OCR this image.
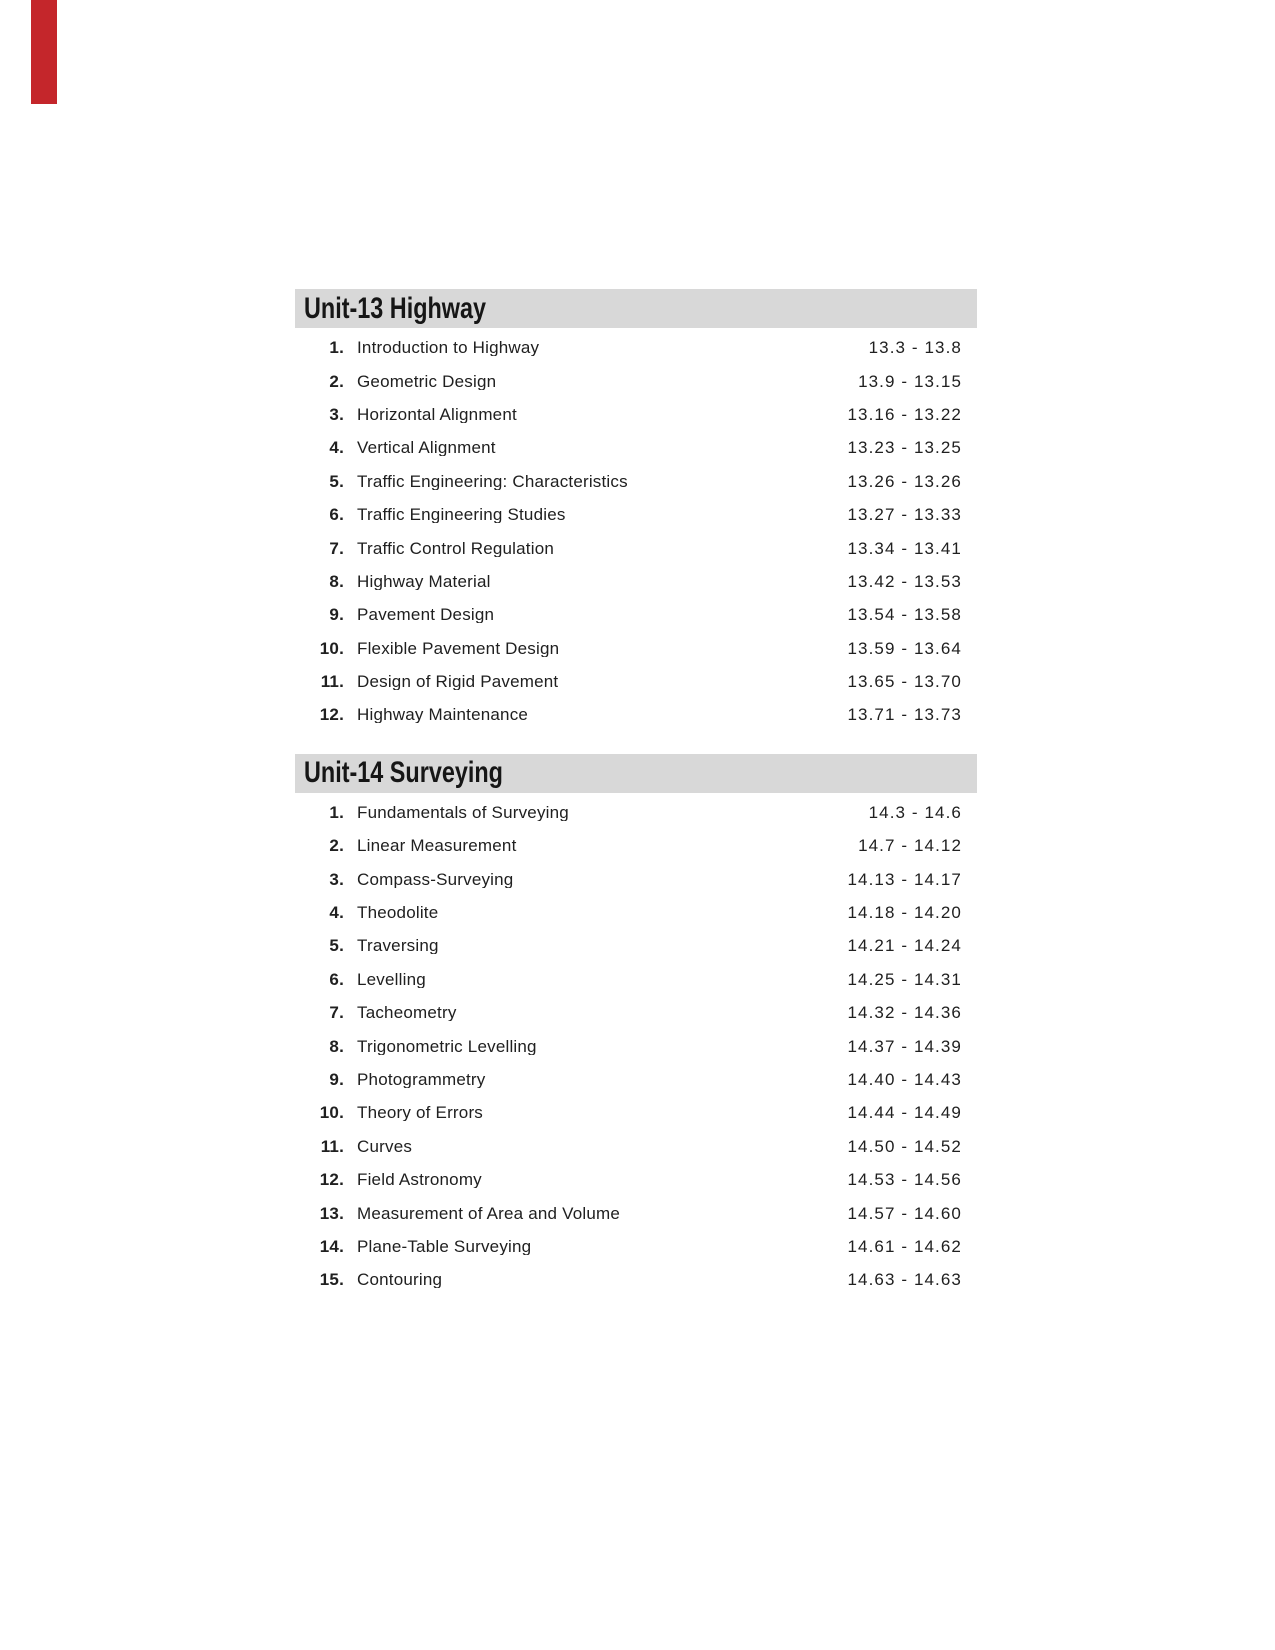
Unit-13 Highway
1. Introduction to Highway	13.3 - 13.8
2. Geometric Design	13.9 - 13.15
3. Horizontal Alignment	13.16 - 13.22
4. Vertical Alignment	13.23 - 13.25
5. Traffic Engineering: Characteristics	13.26 - 13.26
6. Traffic Engineering Studies	13.27 - 13.33
7. Traffic Control Regulation	13.34 - 13.41
8. Highway Material	13.42 - 13.53
9. Pavement Design	13.54 - 13.58
10. Flexible Pavement Design	13.59 - 13.64
11. Design of Rigid Pavement	13.65 - 13.70
12. Highway Maintenance	13.71 - 13.73
Unit-14 Surveying
1. Fundamentals of Surveying	14.3 - 14.6
2. Linear Measurement	14.7 - 14.12
3. Compass-Surveying	14.13 - 14.17
4. Theodolite	14.18 - 14.20
5. Traversing	14.21 - 14.24
6. Levelling	14.25 - 14.31
7. Tacheometry	14.32 - 14.36
8. Trigonometric Levelling	14.37 - 14.39
9. Photogrammetry	14.40 - 14.43
10. Theory of Errors	14.44 - 14.49
11. Curves	14.50 - 14.52
12. Field Astronomy	14.53 - 14.56
13. Measurement of Area and Volume	14.57 - 14.60
14. Plane-Table Surveying	14.61 - 14.62
15. Contouring	14.63 - 14.63
